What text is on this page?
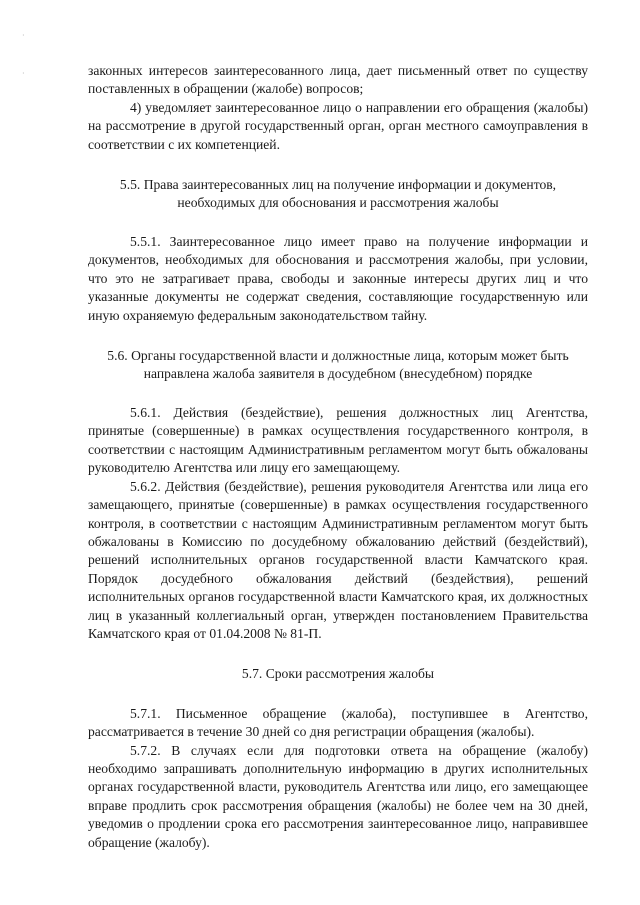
·
·	законных интересов заинтересованного лица, дает письменный ответ по существу поставленных в обращении (жалобе) вопросов;

4) уведомляет заинтересованное лицо о направлении его обращения (жалобы) на рассмотрение в другой государственный орган, орган местного самоуправления в соответствии с их компетенцией.

5.5. Права заинтересованных лиц на получение информации и документов, необходимых для обоснования и рассмотрения жалобы

5.5.1. Заинтересованное лицо имеет право на получение информации и документов, необходимых для обоснования и рассмотрения жалобы, при условии, что это не затрагивает права, свободы и законные интересы других лиц и что указанные документы не содержат сведения, составляющие государственную или иную охраняемую федеральным законодательством тайну.

5.6. Органы государственной власти и должностные лица, которым может быть направлена жалоба заявителя в досудебном (внесудебном) порядке

5.6.1. Действия (бездействие), решения должностных лиц Агентства, принятые (совершенные) в рамках осуществления государственного контроля, в соответствии с настоящим Административным регламентом могут быть обжалованы руководителю Агентства или лицу его замещающему.

5.6.2. Действия (бездействие), решения руководителя Агентства или лица его замещающего, принятые (совершенные) в рамках осуществления государственного контроля, в соответствии с настоящим Административным регламентом могут быть обжалованы в Комиссию по досудебному обжалованию действий (бездействий), решений исполнительных органов государственной власти Камчатского края. Порядок досудебного обжалования действий (бездействия), решений исполнительных органов государственной власти Камчатского края, их должностных лиц в указанный коллегиальный орган, утвержден постановлением Правительства Камчатского края от 01.04.2008 № 81-П.

5.7. Сроки рассмотрения жалобы

5.7.1. Письменное обращение (жалоба), поступившее в Агентство, рассматривается в течение 30 дней со дня регистрации обращения (жалобы).

5.7.2. В случаях если для подготовки ответа на обращение (жалобу) необходимо запрашивать дополнительную информацию в других исполнительных органах государственной власти, руководитель Агентства или лицо, его замещающее вправе продлить срок рассмотрения обращения (жалобы) не более чем на 30 дней, уведомив о продлении срока его рассмотрения заинтересованное лицо, направившее обращение (жалобу).
